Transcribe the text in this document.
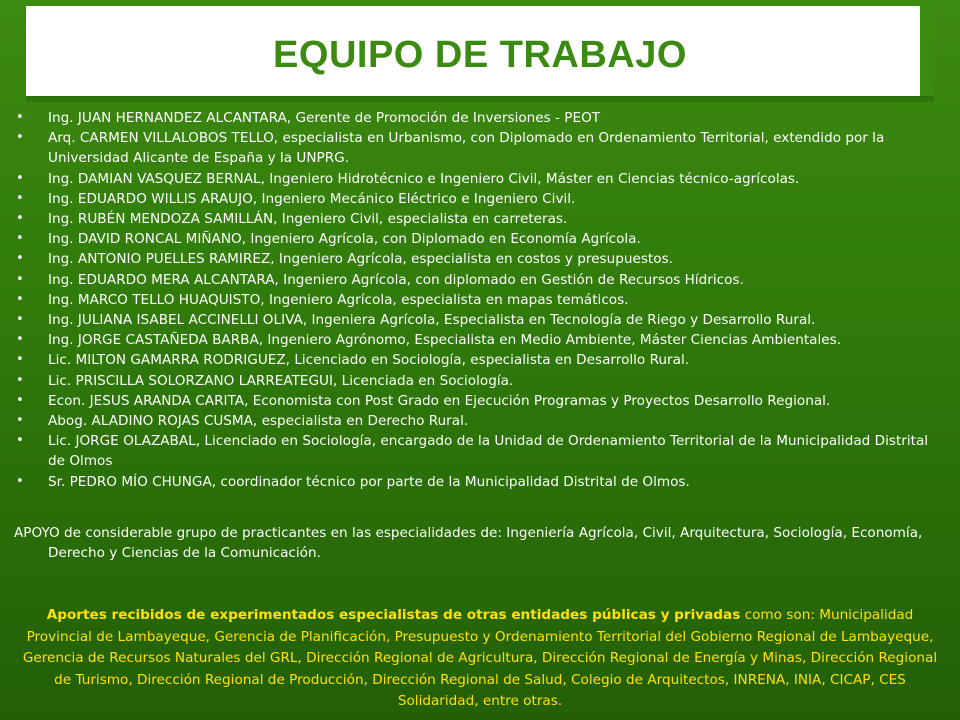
EQUIPO DE TRABAJO
• Ing. JUAN HERNANDEZ ALCANTARA, Gerente de Promoción de Inversiones - PEOT
• Arq. CARMEN VILLALOBOS TELLO, especialista en Urbanismo, con Diplomado en Ordenamiento Territorial, extendido por la Universidad Alicante de España y la UNPRG.
• Ing. DAMIAN VASQUEZ BERNAL, Ingeniero Hidrotécnico e Ingeniero Civil, Máster en Ciencias técnico-agrícolas.
• Ing. EDUARDO WILLIS ARAUJO, Ingeniero Mecánico Eléctrico e Ingeniero Civil.
• Ing. RUBÉN MENDOZA SAMILLÁN, Ingeniero Civil, especialista en carreteras.
• Ing. DAVID RONCAL MIÑANO, Ingeniero Agrícola, con Diplomado en Economía Agrícola.
• Ing. ANTONIO PUELLES RAMIREZ, Ingeniero Agrícola, especialista en costos y presupuestos.
• Ing. EDUARDO MERA ALCANTARA, Ingeniero Agrícola, con diplomado en Gestión de Recursos Hídricos.
• Ing. MARCO TELLO HUAQUISTO, Ingeniero Agrícola, especialista en mapas temáticos.
• Ing. JULIANA ISABEL ACCINELLI OLIVA, Ingeniera Agrícola, Especialista en Tecnología de Riego y Desarrollo Rural.
• Ing. JORGE CASTAÑEDA BARBA, Ingeniero Agrónomo, Especialista en Medio Ambiente, Máster Ciencias Ambientales.
• Lic. MILTON GAMARRA RODRIGUEZ, Licenciado en Sociología, especialista en Desarrollo Rural.
• Lic. PRISCILLA SOLORZANO LARREATEGUI, Licenciada en Sociología.
• Econ. JESUS ARANDA CARITA, Economista con Post Grado en Ejecución Programas y Proyectos Desarrollo Regional.
• Abog. ALADINO ROJAS CUSMA, especialista en Derecho Rural.
• Lic. JORGE OLAZABAL, Licenciado en Sociología, encargado de la Unidad de Ordenamiento Territorial de la Municipalidad Distrital de Olmos
• Sr. PEDRO MÍO CHUNGA, coordinador técnico por parte de la Municipalidad Distrital de Olmos.
APOYO de considerable grupo de practicantes en las especialidades de: Ingeniería Agrícola, Civil, Arquitectura, Sociología, Economía, Derecho y Ciencias de la Comunicación.
Aportes recibidos de experimentados especialistas de otras entidades públicas y privadas como son: Municipalidad Provincial de Lambayeque, Gerencia de Planificación, Presupuesto y Ordenamiento Territorial del Gobierno Regional de Lambayeque, Gerencia de Recursos Naturales del GRL, Dirección Regional de Agricultura, Dirección Regional de Energía y Minas, Dirección Regional de Turismo, Dirección Regional de Producción, Dirección Regional de Salud, Colegio de Arquitectos, INRENA, INIA, CICAP, CES Solidaridad, entre otras.
